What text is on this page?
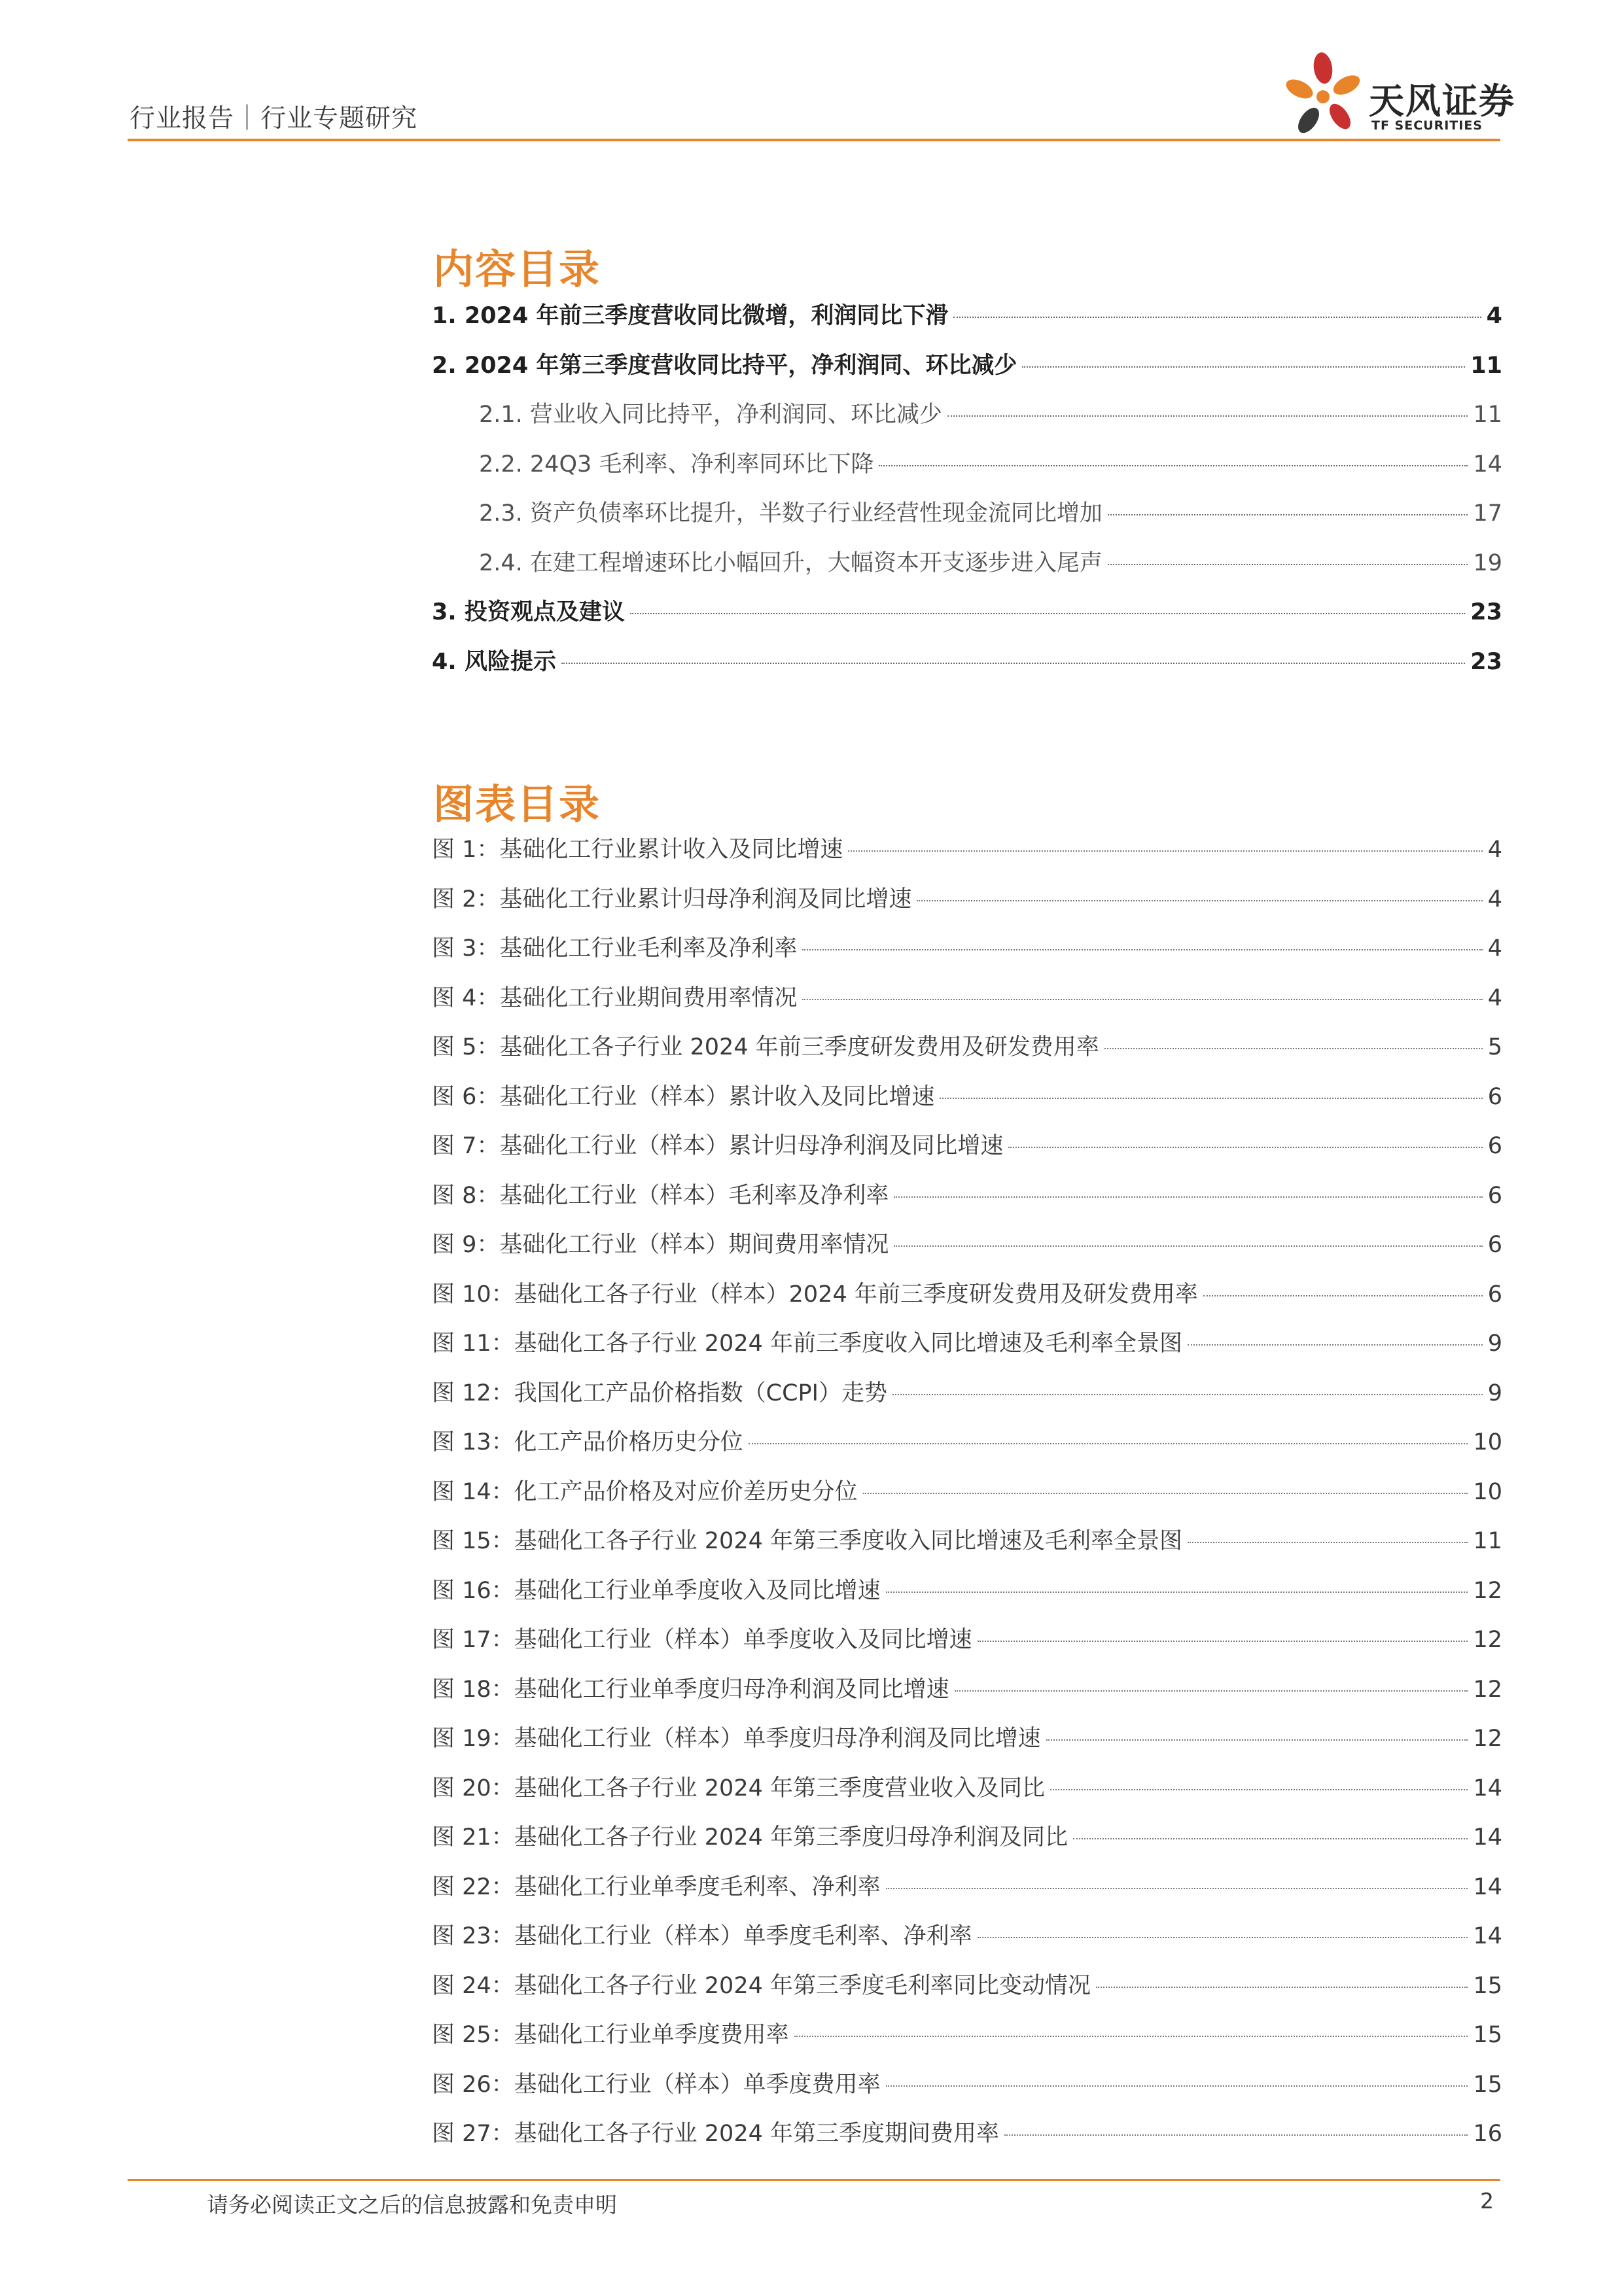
行业报告｜行业专题研究	天风证券
TF SECURITIES
内容目录
1. 2024 年前三季度营收同比微增，利润同比下滑	4
2. 2024 年第三季度营收同比持平，净利润同、环比减少	11
2.1. 营业收入同比持平，净利润同、环比减少	11
2.2. 24Q3 毛利率、净利率同环比下降	14
2.3. 资产负债率环比提升，半数子行业经营性现金流同比增加	17
2.4. 在建工程增速环比小幅回升，大幅资本开支逐步进入尾声	19
3. 投资观点及建议	23
4. 风险提示	23
图表目录
图 1：基础化工行业累计收入及同比增速	4
图 2：基础化工行业累计归母净利润及同比增速	4
图 3：基础化工行业毛利率及净利率	4
图 4：基础化工行业期间费用率情况	4
图 5：基础化工各子行业 2024 年前三季度研发费用及研发费用率	5
图 6：基础化工行业（样本）累计收入及同比增速	6
图 7：基础化工行业（样本）累计归母净利润及同比增速	6
图 8：基础化工行业（样本）毛利率及净利率	6
图 9：基础化工行业（样本）期间费用率情况	6
图 10：基础化工各子行业（样本）2024 年前三季度研发费用及研发费用率	6
图 11：基础化工各子行业 2024 年前三季度收入同比增速及毛利率全景图	9
图 12：我国化工产品价格指数（CCPI）走势	9
图 13：化工产品价格历史分位	10
图 14：化工产品价格及对应价差历史分位	10
图 15：基础化工各子行业 2024 年第三季度收入同比增速及毛利率全景图	11
图 16：基础化工行业单季度收入及同比增速	12
图 17：基础化工行业（样本）单季度收入及同比增速	12
图 18：基础化工行业单季度归母净利润及同比增速	12
图 19：基础化工行业（样本）单季度归母净利润及同比增速	12
图 20：基础化工各子行业 2024 年第三季度营业收入及同比	14
图 21：基础化工各子行业 2024 年第三季度归母净利润及同比	14
图 22：基础化工行业单季度毛利率、净利率	14
图 23：基础化工行业（样本）单季度毛利率、净利率	14
图 24：基础化工各子行业 2024 年第三季度毛利率同比变动情况	15
图 25：基础化工行业单季度费用率	15
图 26：基础化工行业（样本）单季度费用率	15
图 27：基础化工各子行业 2024 年第三季度期间费用率	16
请务必阅读正文之后的信息披露和免责申明	2
